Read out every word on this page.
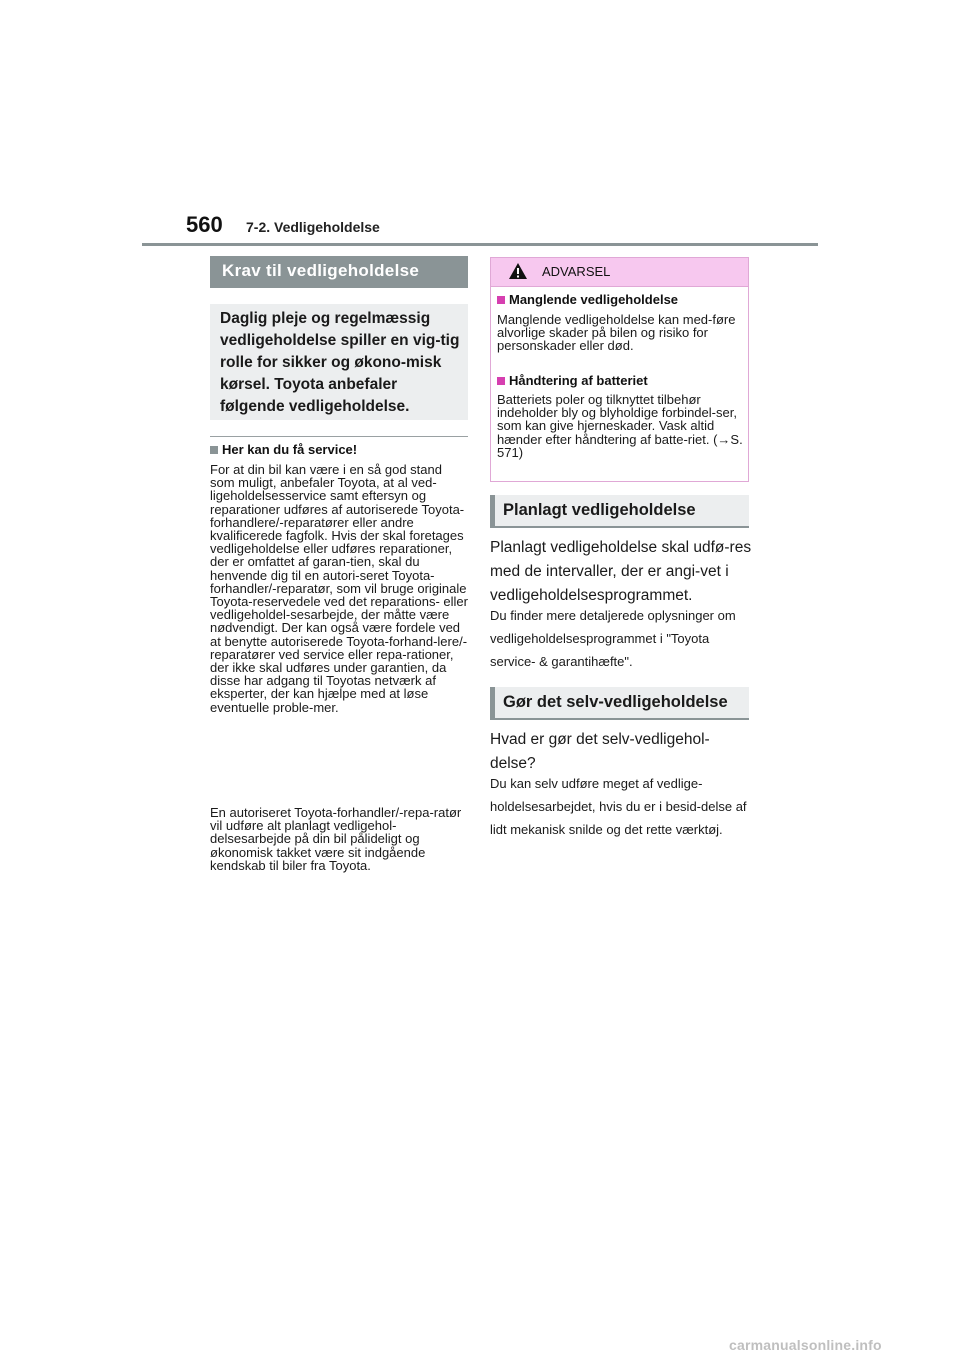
560 7-2. Vedligeholdelse
Krav til vedligeholdelse

Daglig pleje og regelmæssig vedligeholdelse spiller en vig-tig rolle for sikker og økono-misk kørsel. Toyota anbefaler følgende vedligeholdelse.

Her kan du få service!

For at din bil kan være i en så god stand som muligt, anbefaler Toyota, at al ved-ligeholdelsesservice samt eftersyn og reparationer udføres af autoriserede Toyota-forhandlere/-reparatører eller andre kvalificerede fagfolk. Hvis der skal foretages vedligeholdelse eller udføres reparationer, der er omfattet af garan-tien, skal du henvende dig til en autori-seret Toyota-forhandler/-reparatør, som vil bruge originale Toyota-reservedele ved det reparations- eller vedligeholdel-sesarbejde, der måtte være nødvendigt. Der kan også være fordele ved at benytte autoriserede Toyota-forhand-lere/-reparatører ved service eller repa-rationer, der ikke skal udføres under garantien, da disse har adgang til Toyotas netværk af eksperter, der kan hjælpe med at løse eventuelle proble-mer.

En autoriseret Toyota-forhandler/-repa-ratør vil udføre alt planlagt vedligehol-delsesarbejde på din bil pålideligt og økonomisk takket være sit indgående kendskab til biler fra Toyota.

ADVARSEL
Manglende vedligeholdelse

Manglende vedligeholdelse kan med-føre alvorlige skader på bilen og risiko for personskader eller død.

Håndtering af batteriet

Batteriets poler og tilknyttet tilbehør indeholder bly og blyholdige forbindel-ser, som kan give hjerneskader. Vask altid hænder efter håndtering af batte-riet. (→S. 571)

Planlagt vedligeholdelse

Planlagt vedligeholdelse skal udfø-res med de intervaller, der er angi-vet i vedligeholdelsesprogrammet.

Du finder mere detaljerede oplysninger om vedligeholdelsesprogrammet i "Toyota service- & garantihæfte".

Gør det selv-vedligeholdelse

Hvad er gør det selv-vedligehol-delse?

Du kan selv udføre meget af vedlige-holdelsesarbejdet, hvis du er i besid-delse af lidt mekanisk snilde og det rette værktøj.

carmanualsonline.info
